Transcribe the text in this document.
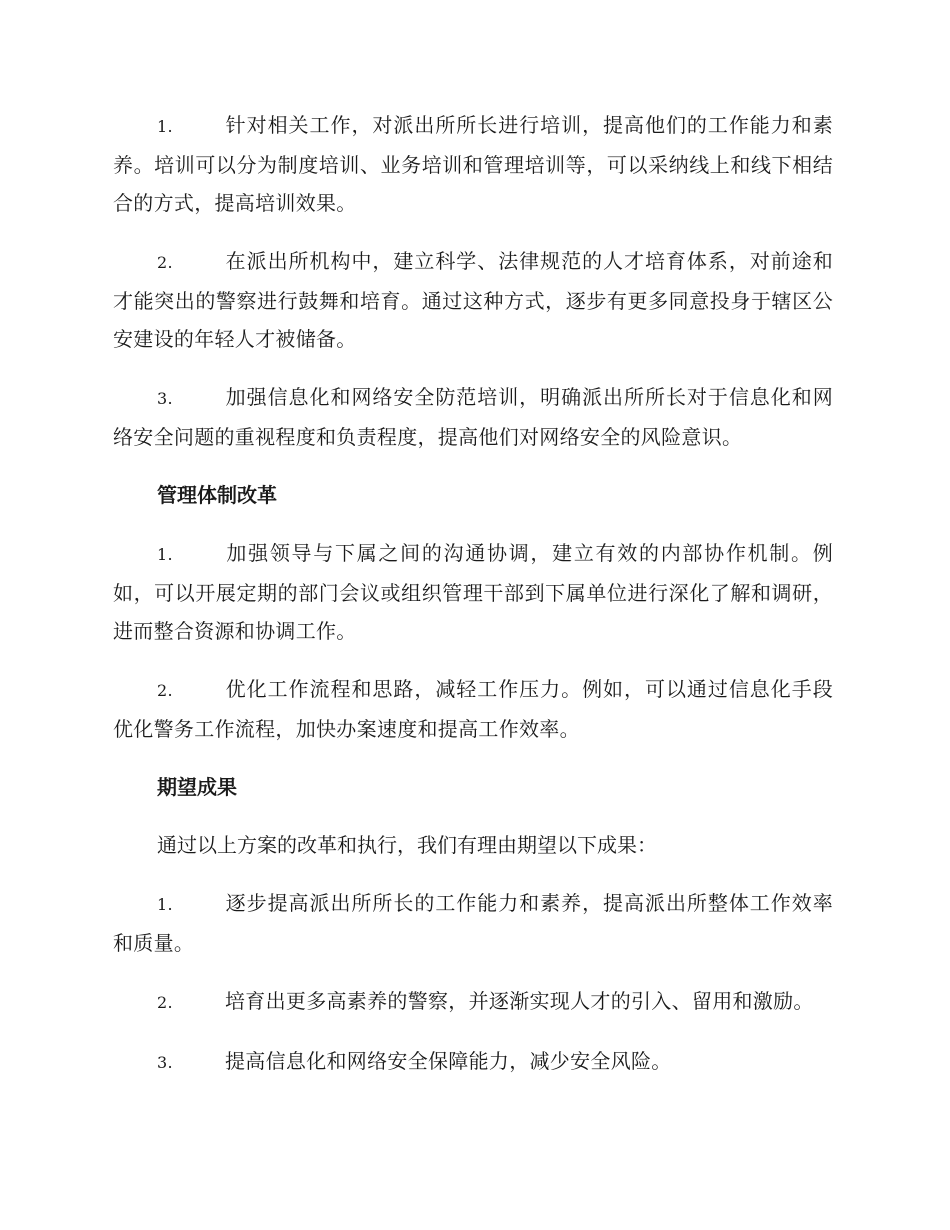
1.	针对相关工作，对派出所所长进行培训，提高他们的工作能力和素养。培训可以分为制度培训、业务培训和管理培训等，可以采纳线上和线下相结合的方式，提高培训效果。

2.	在派出所机构中，建立科学、法律规范的人才培育体系，对前途和才能突出的警察进行鼓舞和培育。通过这种方式，逐步有更多同意投身于辖区公安建设的年轻人才被储备。

3.	加强信息化和网络安全防范培训，明确派出所所长对于信息化和网络安全问题的重视程度和负责程度，提高他们对网络安全的风险意识。

管理体制改革

1.	加强领导与下属之间的沟通协调，建立有效的内部协作机制。例如，可以开展定期的部门会议或组织管理干部到下属单位进行深化了解和调研，进而整合资源和协调工作。

2.	优化工作流程和思路，减轻工作压力。例如，可以通过信息化手段优化警务工作流程，加快办案速度和提高工作效率。

期望成果
通过以上方案的改革和执行，我们有理由期望以下成果：

1.	逐步提高派出所所长的工作能力和素养，提高派出所整体工作效率和质量。

2.	培育出更多高素养的警察，并逐渐实现人才的引入、留用和激励。

3.	提高信息化和网络安全保障能力，减少安全风险。
